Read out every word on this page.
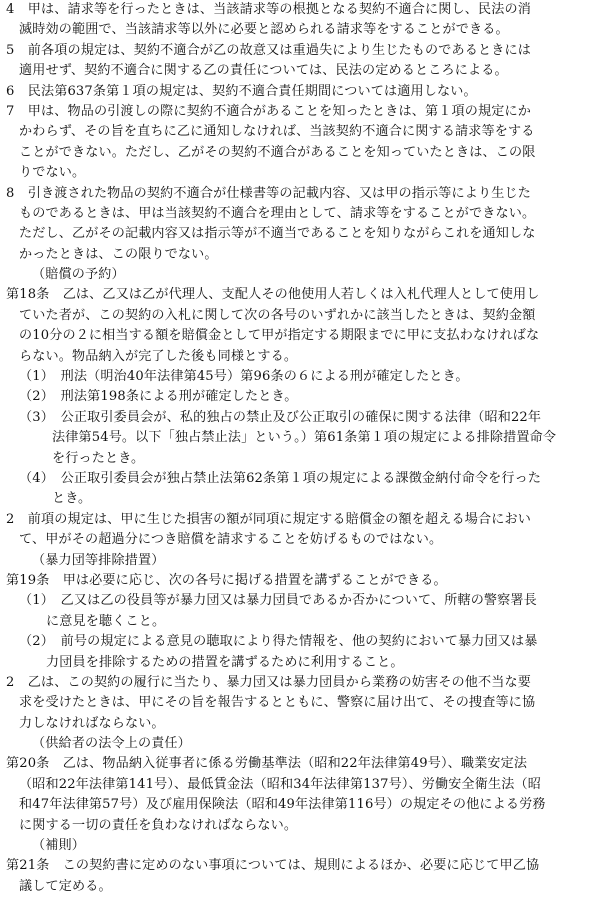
4　甲は、請求等を行ったときは、当該請求等の根拠となる契約不適合に関し、民法の消
滅時効の範囲で、当該請求等以外に必要と認められる請求等をすることができる。
5　前各項の規定は、契約不適合が乙の故意又は重過失により生じたものであるときには
適用せず、契約不適合に関する乙の責任については、民法の定めるところによる。
6　民法第637条第１項の規定は、契約不適合責任期間については適用しない。
7　甲は、物品の引渡しの際に契約不適合があることを知ったときは、第１項の規定にか
かわらず、その旨を直ちに乙に通知しなければ、当該契約不適合に関する請求等をする
ことができない。ただし、乙がその契約不適合があることを知っていたときは、この限
りでない。
8　引き渡された物品の契約不適合が仕様書等の記載内容、又は甲の指示等により生じた
ものであるときは、甲は当該契約不適合を理由として、請求等をすることができない。
ただし、乙がその記載内容又は指示等が不適当であることを知りながらこれを通知しな
かったときは、この限りでない。
（賠償の予約）
第18条　乙は、乙又は乙が代理人、支配人その他使用人若しくは入札代理人として使用し
ていた者が、この契約の入札に関して次の各号のいずれかに該当したときは、契約金額
の10分の２に相当する額を賠償金として甲が指定する期限までに甲に支払わなければな
らない。物品納入が完了した後も同様とする。
（1）　刑法（明治40年法律第45号）第96条の６による刑が確定したとき。
（2）　刑法第198条による刑が確定したとき。
（3）　公正取引委員会が、私的独占の禁止及び公正取引の確保に関する法律（昭和22年
法律第54号。以下「独占禁止法」という。）第61条第１項の規定による排除措置命令
を行ったとき。
（4）　公正取引委員会が独占禁止法第62条第１項の規定による課徴金納付命令を行った
とき。
2　前項の規定は、甲に生じた損害の額が同項に規定する賠償金の額を超える場合におい
て、甲がその超過分につき賠償を請求することを妨げるものではない。
（暴力団等排除措置）
第19条　甲は必要に応じ、次の各号に掲げる措置を講ずることができる。
（1）　乙又は乙の役員等が暴力団又は暴力団員であるか否かについて、所轄の警察署長
に意見を聴くこと。
（2）　前号の規定による意見の聴取により得た情報を、他の契約において暴力団又は暴
力団員を排除するための措置を講ずるために利用すること。
2　乙は、この契約の履行に当たり、暴力団又は暴力団員から業務の妨害その他不当な要
求を受けたときは、甲にその旨を報告するとともに、警察に届け出て、その捜査等に協
力しなければならない。
（供給者の法令上の責任）
第20条　乙は、物品納入従事者に係る労働基準法（昭和22年法律第49号）、職業安定法
（昭和22年法律第141号）、最低賃金法（昭和34年法律第137号）、労働安全衛生法（昭
和47年法律第57号）及び雇用保険法（昭和49年法律第116号）の規定その他による労務
に関する一切の責任を負わなければならない。
（補則）
第21条　この契約書に定めのない事項については、規則によるほか、必要に応じて甲乙協
議して定める。
